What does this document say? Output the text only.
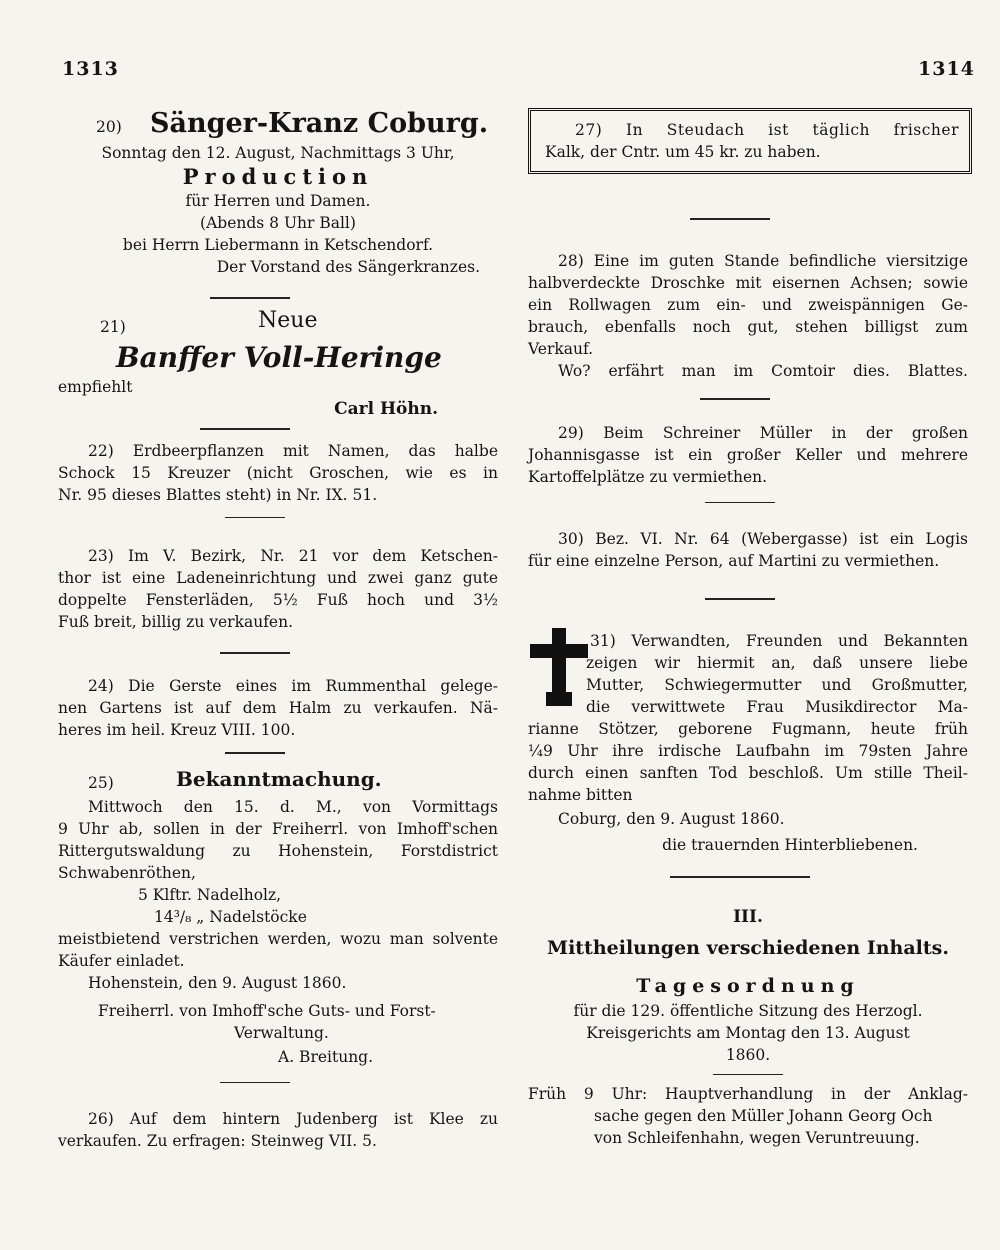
1313	1314
20) Sänger-Kranz Coburg.

Sonntag den 12. August, Nachmittags 3 Uhr,

Production

für Herren und Damen.

(Abends 8 Uhr Ball)

bei Herrn Liebermann in Ketschendorf.

Der Vorstand des Sängerkranzes.

21)	Neue
Banffer Voll-Heringe

empfiehlt

Carl Höhn.

22) Erdbeerpflanzen mit Namen, das halbe

Schock 15 Kreuzer (nicht Groschen, wie es in

Nr. 95 dieses Blattes steht) in Nr. IX. 51.

23) Im V. Bezirk, Nr. 21 vor dem Ketschen-

thor ist eine Ladeneinrichtung und zwei ganz gute

doppelte Fensterläden, 5½ Fuß hoch und 3½

Fuß breit, billig zu verkaufen.

24) Die Gerste eines im Rummenthal gelege-

nen Gartens ist auf dem Halm zu verkaufen. Nä-

heres im heil. Kreuz VIII. 100.

25)	Bekanntmachung.

Mittwoch den 15. d. M., von Vormittags

9 Uhr ab, sollen in der Freiherrl. von Imhoff'schen

Rittergutswaldung zu Hohenstein, Forstdistrict

Schwabenröthen,

5 Klftr. Nadelholz,

14³/₈ „ Nadelstöcke

meistbietend verstrichen werden, wozu man solvente

Käufer einladet.

Hohenstein, den 9. August 1860.

Freiherrl. von Imhoff'sche Guts- und Forst-

Verwaltung.

A. Breitung.

26) Auf dem hintern Judenberg ist Klee zu

verkaufen. Zu erfragen: Steinweg VII. 5.

27) In Steudach ist täglich frischer

Kalk, der Cntr. um 45 kr. zu haben.

28) Eine im guten Stande befindliche viersitzige

halbverdeckte Droschke mit eisernen Achsen; sowie

ein Rollwagen zum ein- und zweispännigen Ge-

brauch, ebenfalls noch gut, stehen billigst zum

Verkauf.

Wo? erfährt man im Comtoir dies. Blattes.

29) Beim Schreiner Müller in der großen

Johannisgasse ist ein großer Keller und mehrere

Kartoffelplätze zu vermiethen.

30) Bez. VI. Nr. 64 (Webergasse) ist ein Logis

für eine einzelne Person, auf Martini zu vermiethen.

31) Verwandten, Freunden und Bekannten

zeigen wir hiermit an, daß unsere liebe

Mutter, Schwiegermutter und Großmutter,

die verwittwete Frau Musikdirector Ma-

rianne Stötzer, geborene Fugmann, heute früh

¼9 Uhr ihre irdische Laufbahn im 79sten Jahre

durch einen sanften Tod beschloß. Um stille Theil-

nahme bitten

Coburg, den 9. August 1860.

die trauernden Hinterbliebenen.

III.

Mittheilungen verschiedenen Inhalts.

Tagesordnung

für die 129. öffentliche Sitzung des Herzogl.

Kreisgerichts am Montag den 13. August

1860.

Früh 9 Uhr: Hauptverhandlung in der Anklag-

sache gegen den Müller Johann Georg Och

von Schleifenhahn, wegen Veruntreuung.
